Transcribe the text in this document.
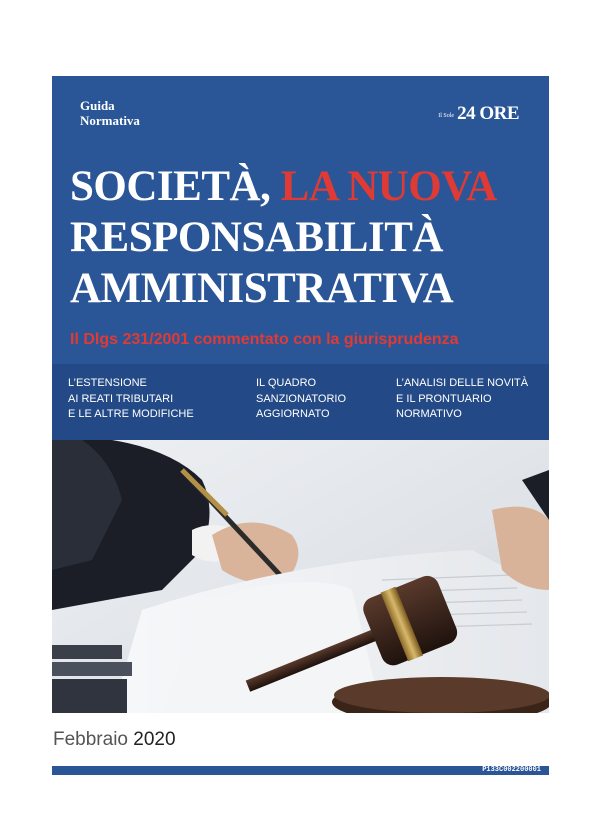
Guida
Normativa	Il Sole 24 ORE
SOCIETÀ, LA NUOVA
RESPONSABILITÀ
AMMINISTRATIVA
Il Dlgs 231/2001 commentato con la giurisprudenza
L’ESTENSIONE
AI REATI TRIBUTARI
E LE ALTRE MODIFICHE
IL QUADRO
SANZIONATORIO
AGGIORNATO
L’ANALISI DELLE NOVITÀ
E IL PRONTUARIO
NORMATIVO
Febbraio 2020
P133C002200001
